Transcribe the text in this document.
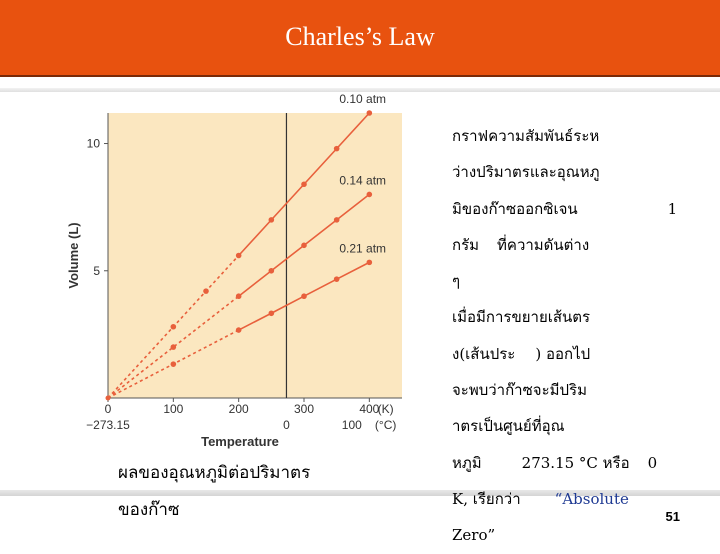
Charles’s Law
5
10
0	100	200	300	400
(K)
−273.15	0	100 (°C)
Temperature
Volume (L)
0.10 atm
0.14 atm
0.21 atm
ผลของอุณหภูมิต่อปริมาตร
ของก๊าซ
กราฟความสัมพันธ์ระห
ว่างปริมาตรและอุณหภู
มิของก๊าซออกซิเจน	1
กรัม ที่ความดันต่าง
ๆ
เมื่อมีการขยายเส้นตร
ง(เส้นประ ) ออกไป
จะพบว่าก๊าซจะมีปริม
าตรเป็นศูนย์ที่อุณ
หภูมิ	273.15 °C หรือ 0
K, เรียกว่า “Absolute
Zero”
51
